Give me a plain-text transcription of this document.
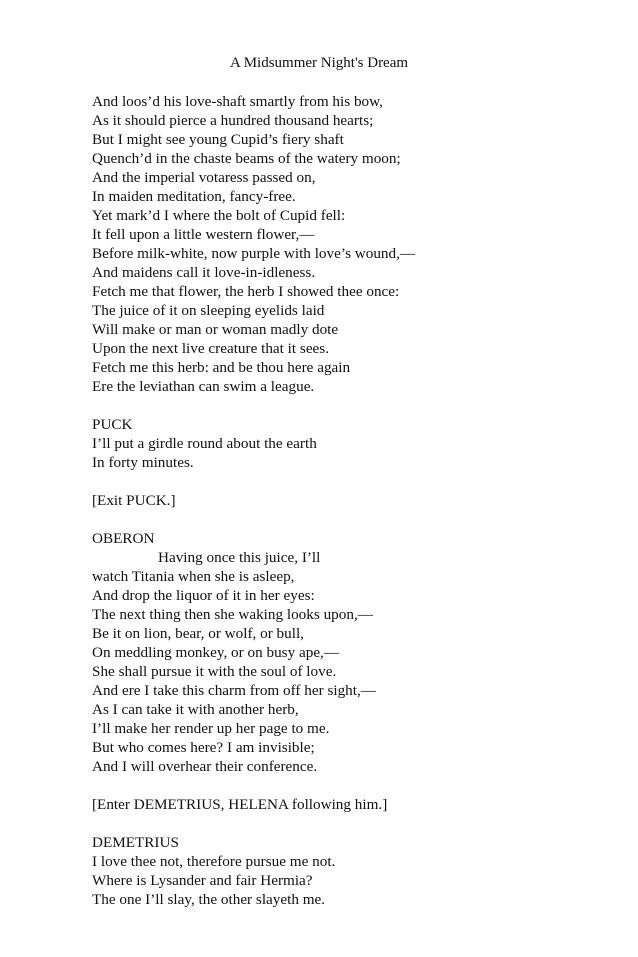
A Midsummer Night's Dream
And loos’d his love-shaft smartly from his bow,
As it should pierce a hundred thousand hearts;
But I might see young Cupid’s fiery shaft
Quench’d in the chaste beams of the watery moon;
And the imperial votaress passed on,
In maiden meditation, fancy-free.
Yet mark’d I where the bolt of Cupid fell:
It fell upon a little western flower,—
Before milk-white, now purple with love’s wound,—
And maidens call it love-in-idleness.
Fetch me that flower, the herb I showed thee once:
The juice of it on sleeping eyelids laid
Will make or man or woman madly dote
Upon the next live creature that it sees.
Fetch me this herb: and be thou here again
Ere the leviathan can swim a league.
PUCK
I’ll put a girdle round about the earth
In forty minutes.
[Exit PUCK.]
OBERON
Having once this juice, I’ll
watch Titania when she is asleep,
And drop the liquor of it in her eyes:
The next thing then she waking looks upon,—
Be it on lion, bear, or wolf, or bull,
On meddling monkey, or on busy ape,—
She shall pursue it with the soul of love.
And ere I take this charm from off her sight,—
As I can take it with another herb,
I’ll make her render up her page to me.
But who comes here? I am invisible;
And I will overhear their conference.
[Enter DEMETRIUS, HELENA following him.]
DEMETRIUS
I love thee not, therefore pursue me not.
Where is Lysander and fair Hermia?
The one I’ll slay, the other slayeth me.
